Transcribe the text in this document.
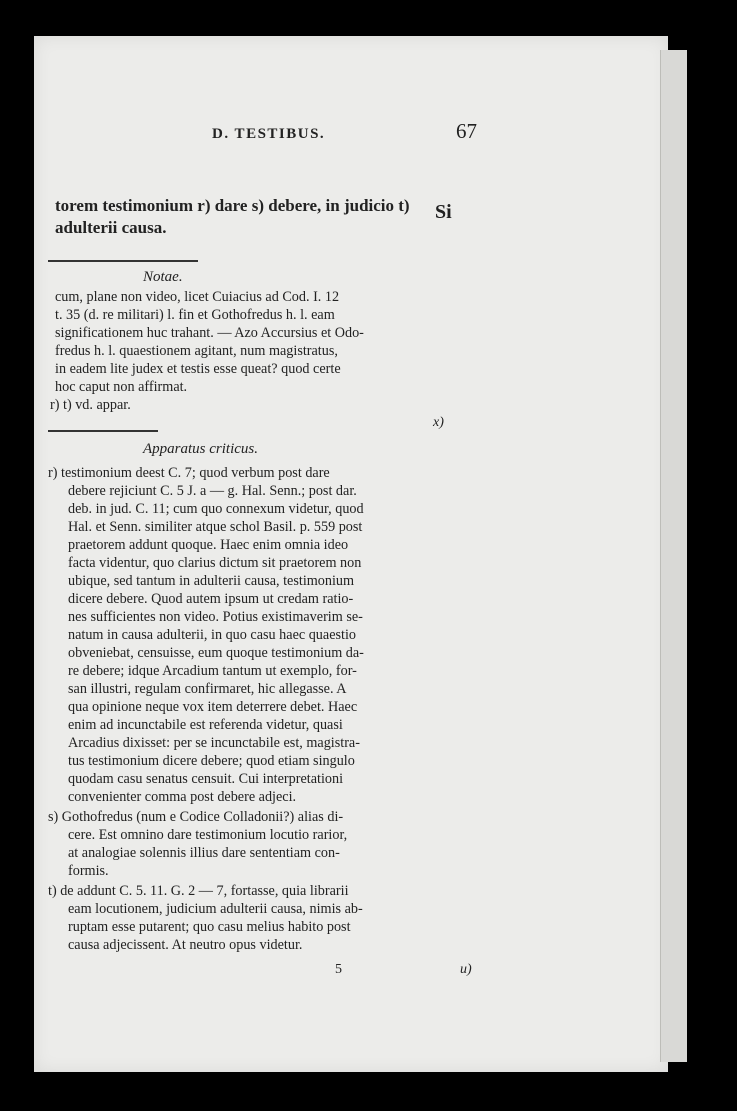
D. TESTIBUS.	67
torem testimonium r) dare s) debere, in judicio t)
adulterii causa.
Si
Notae.
cum, plane non video, licet Cuiacius ad Cod. I. 12
t. 35 (d. re militari) l. fin et Gothofredus h. l. eam
significationem huc trahant. — Azo Accursius et Odo-
fredus h. l. quaestionem agitant, num magistratus,
in eadem lite judex et testis esse queat? quod certe
hoc caput non affirmat.
r) t) vd. appar.
x)
Apparatus criticus.
r) testimonium deest C. 7; quod verbum post dare
debere rejiciunt C. 5 J. a — g. Hal. Senn.; post dar.
deb. in jud. C. 11; cum quo connexum videtur, quod
Hal. et Senn. similiter atque schol Basil. p. 559 post
praetorem addunt quoque. Haec enim omnia ideo
facta videntur, quo clarius dictum sit praetorem non
ubique, sed tantum in adulterii causa, testimonium
dicere debere. Quod autem ipsum ut credam ratio-
nes sufficientes non video. Potius existimaverim se-
natum in causa adulterii, in quo casu haec quaestio
obveniebat, censuisse, eum quoque testimonium da-
re debere; idque Arcadium tantum ut exemplo, for-
san illustri, regulam confirmaret, hic allegasse. A
qua opinione neque vox item deterrere debet. Haec
enim ad incunctabile est referenda videtur, quasi
Arcadius dixisset: per se incunctabile est, magistra-
tus testimonium dicere debere; quod etiam singulo
quodam casu senatus censuit. Cui interpretationi
convenienter comma post debere adjeci.
s) Gothofredus (num e Codice Colladonii?) alias di-
cere. Est omnino dare testimonium locutio rarior,
at analogiae solennis illius dare sententiam con-
formis.
t) de addunt C. 5. 11. G. 2 — 7, fortasse, quia librarii
eam locutionem, judicium adulterii causa, nimis ab-
ruptam esse putarent; quo casu melius habito post
causa adjecissent. At neutro opus videtur.
5	u)
